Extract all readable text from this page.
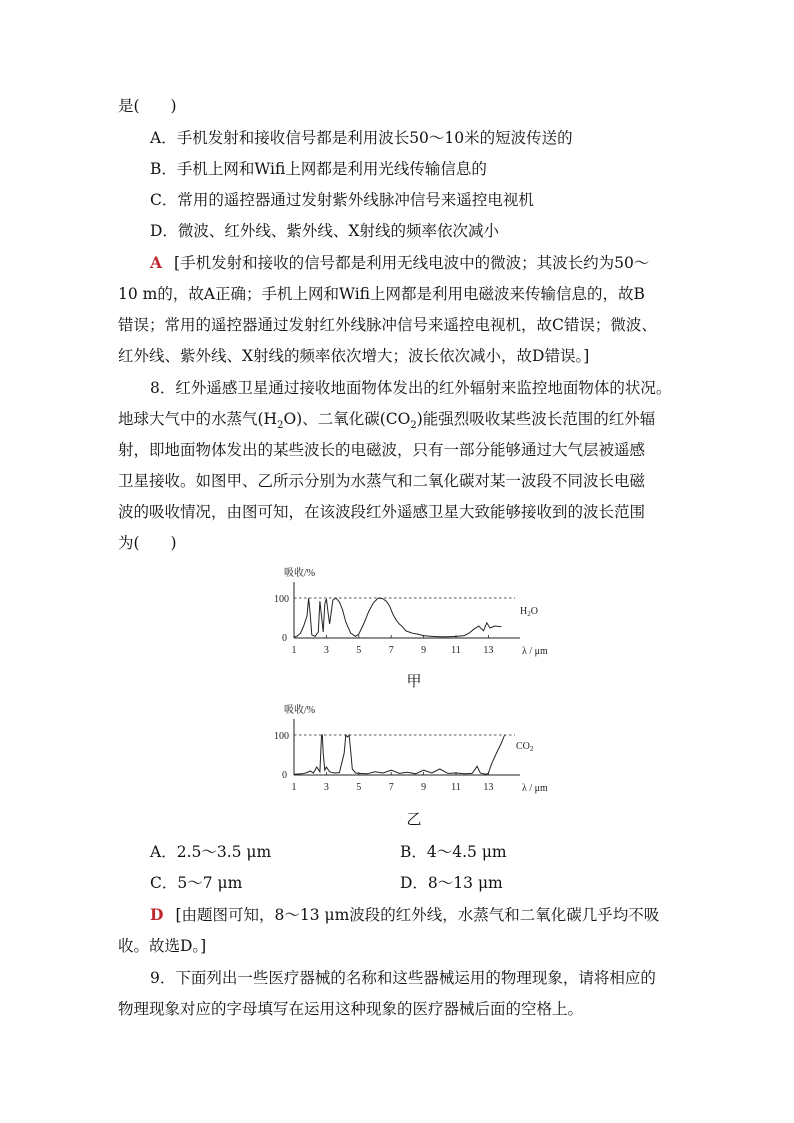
是(　　)
A．手机发射和接收信号都是利用波长50～10米的短波传送的
B．手机上网和Wifi上网都是利用光线传输信息的
C．常用的遥控器通过发射紫外线脉冲信号来遥控电视机
D．微波、红外线、紫外线、X射线的频率依次减小
A [手机发射和接收的信号都是利用无线电波中的微波；其波长约为50～
10 m的，故A正确；手机上网和Wifi上网都是利用电磁波来传输信息的，故B
错误；常用的遥控器通过发射红外线脉冲信号来遥控电视机，故C错误；微波、
红外线、紫外线、X射线的频率依次增大；波长依次减小，故D错误。]
8．红外遥感卫星通过接收地面物体发出的红外辐射来监控地面物体的状况。
地球大气中的水蒸气$(H_2O)$、二氧化碳$(CO_2)$能强烈吸收某些波长范围的红外辐
射，即地面物体发出的某些波长的电磁波，只有一部分能够通过大气层被遥感
卫星接收。如图甲、乙所示分别为水蒸气和二氧化碳对某一波段不同波长电磁
波的吸收情况，由图可知，在该波段红外遥感卫星大致能够接收到的波长范围
为(　　)
吸收/%
100
0
1	3	5	7	9	11 13
$H_2O$
λ / μm
甲
吸收/%
100
0
1	3	5	7	9	11 13
$CO_2$
λ / μm
乙
A．2.5～3.5 μm	B．4～4.5 μm
C．5～7 μm	D．8～13 μm
D [由题图可知，8～13 μm波段的红外线，水蒸气和二氧化碳几乎均不吸
收。故选D。]
9．下面列出一些医疗器械的名称和这些器械运用的物理现象，请将相应的
物理现象对应的字母填写在运用这种现象的医疗器械后面的空格上。
